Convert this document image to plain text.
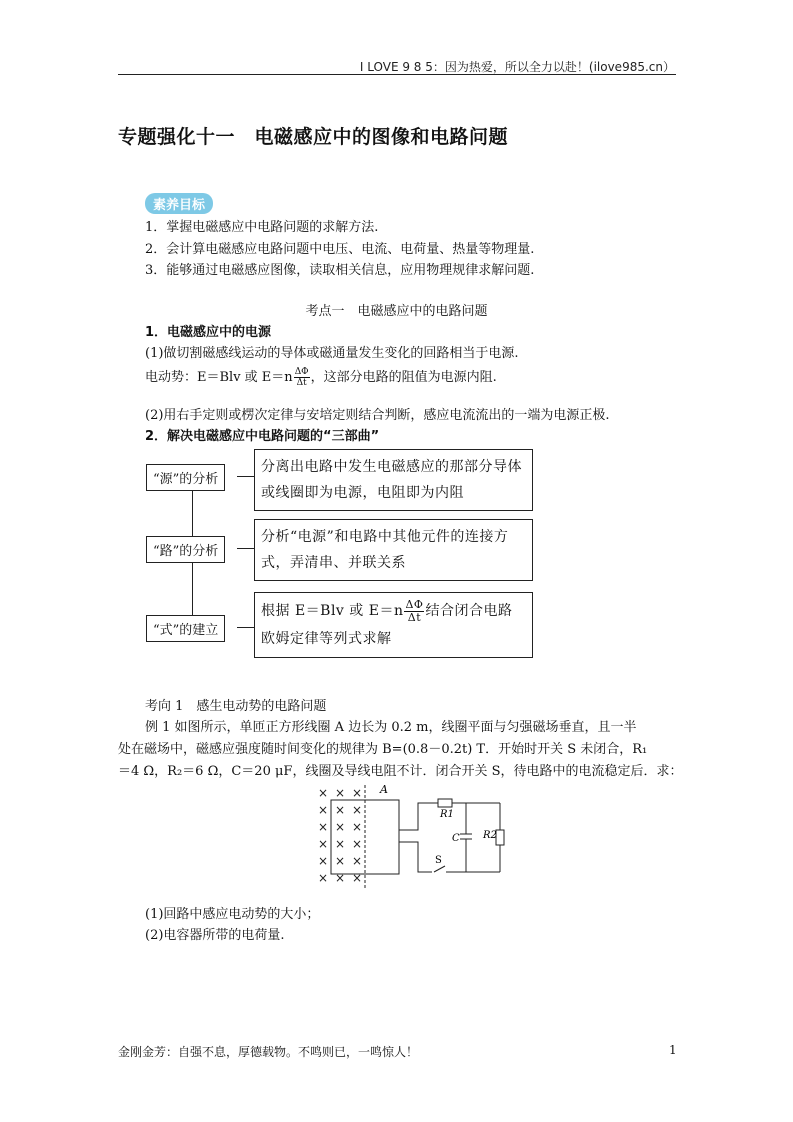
I LOVE 9 8 5：因为热爱，所以全力以赴！(ilove985.cn）
专题强化十一　电磁感应中的图像和电路问题
素养目标
1．掌握电磁感应中电路问题的求解方法.
2．会计算电磁感应电路问题中电压、电流、电荷量、热量等物理量.
3．能够通过电磁感应图像，读取相关信息，应用物理规律求解问题.
考点一　电磁感应中的电路问题
1．电磁感应中的电源
(1)做切割磁感线运动的导体或磁通量发生变化的回路相当于电源.
电动势：E＝Blv 或 $E=n \frac{\Delta\Phi}{\Delta t}$ ，这部分电路的阻值为电源内阻.
(2)用右手定则或楞次定律与安培定则结合判断，感应电流流出的一端为电源正极.
2．解决电磁感应中电路问题的“三部曲”
“源”的分析
分离出电路中发生电磁感应的那部分导体或线圈即为电源，电阻即为内阻
“路”的分析
分析“电源”和电路中其他元件的连接方式，弄清串、并联关系
“式”的建立
根据 E＝Blv 或 $E=n \frac{\Delta\Phi}{\Delta t}$ 结合闭合电路
欧姆定律等列式求解
考向 1　感生电动势的电路问题
例 1 如图所示，单匝正方形线圈 A 边长为 0.2 m，线圈平面与匀强磁场垂直，且一半
处在磁场中，磁感应强度随时间变化的规律为 B=(0.8－0.2t) T．开始时开关 S 未闭合，R₁
＝4 Ω，R₂＝6 Ω，C＝20 μF，线圈及导线电阻不计．闭合开关 S，待电路中的电流稳定后．求：
× × ×
× × ×
× × ×
× × ×
× × ×
× × ×
A
R1
C R2
S
(1)回路中感应电动势的大小；
(2)电容器所带的电荷量.
金刚金芳：自强不息，厚德载物。不鸣则已，一鸣惊人！	1
